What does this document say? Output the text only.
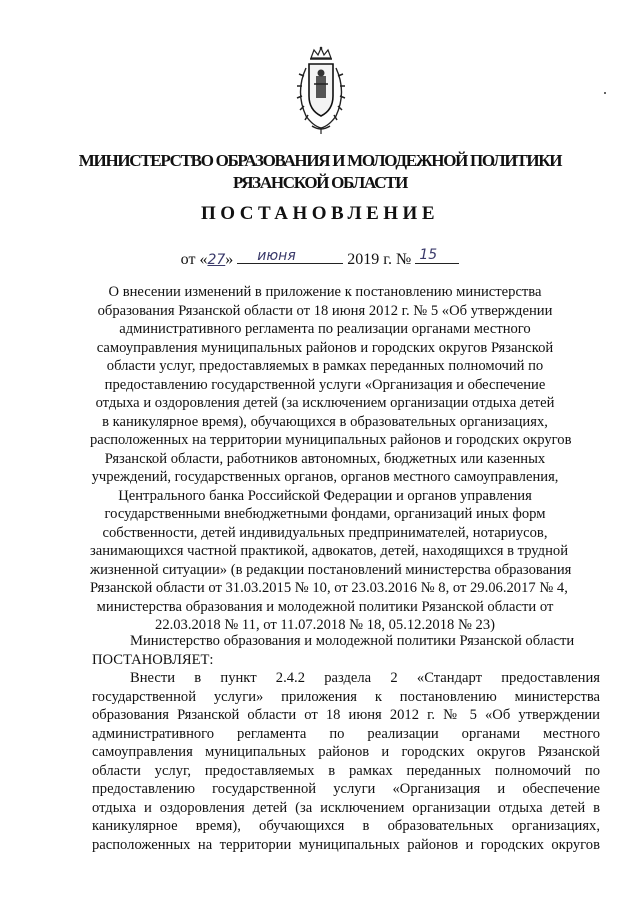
МИНИСТЕРСТВО ОБРАЗОВАНИЯ И МОЛОДЕЖНОЙ ПОЛИТИКИ
РЯЗАНСКОЙ ОБЛАСТИ
ПОСТАНОВЛЕНИЕ
от «27» июня	2019 г. № 15
О внесении изменений в приложение к постановлению министерства
образования Рязанской области от 18 июня 2012 г. № 5 «Об утверждении
административного регламента по реализации органами местного
самоуправления муниципальных районов и городских округов Рязанской
области услуг, предоставляемых в рамках переданных полномочий по
предоставлению государственной услуги «Организация и обеспечение
отдыха и оздоровления детей (за исключением организации отдыха детей
в каникулярное время), обучающихся в образовательных организациях,
расположенных на территории муниципальных районов и городских округов
Рязанской области, работников автономных, бюджетных или казенных
учреждений, государственных органов, органов местного самоуправления,
Центрального банка Российской Федерации и органов управления
государственными внебюджетными фондами, организаций иных форм
собственности, детей индивидуальных предпринимателей, нотариусов,
занимающихся частной практикой, адвокатов, детей, находящихся в трудной
жизненной ситуации» (в редакции постановлений министерства образования
Рязанской области от 31.03.2015 № 10, от 23.03.2016 № 8, от 29.06.2017 № 4,
министерства образования и молодежной политики Рязанской области от
22.03.2018 № 11, от 11.07.2018 № 18, 05.12.2018 № 23)
Министерство образования и молодежной политики Рязанской области
ПОСТАНОВЛЯЕТ:
Внести в пункт 2.4.2 раздела 2 «Стандарт предоставления
государственной услуги» приложения к постановлению министерства
образования Рязанской области от 18 июня 2012 г. № 5 «Об утверждении
административного регламента по реализации органами местного
самоуправления муниципальных районов и городских округов Рязанской
области услуг, предоставляемых в рамках переданных полномочий по
предоставлению государственной услуги «Организация и обеспечение
отдыха и оздоровления детей (за исключением организации отдыха детей в
каникулярное время), обучающихся в образовательных организациях,
расположенных на территории муниципальных районов и городских округов
